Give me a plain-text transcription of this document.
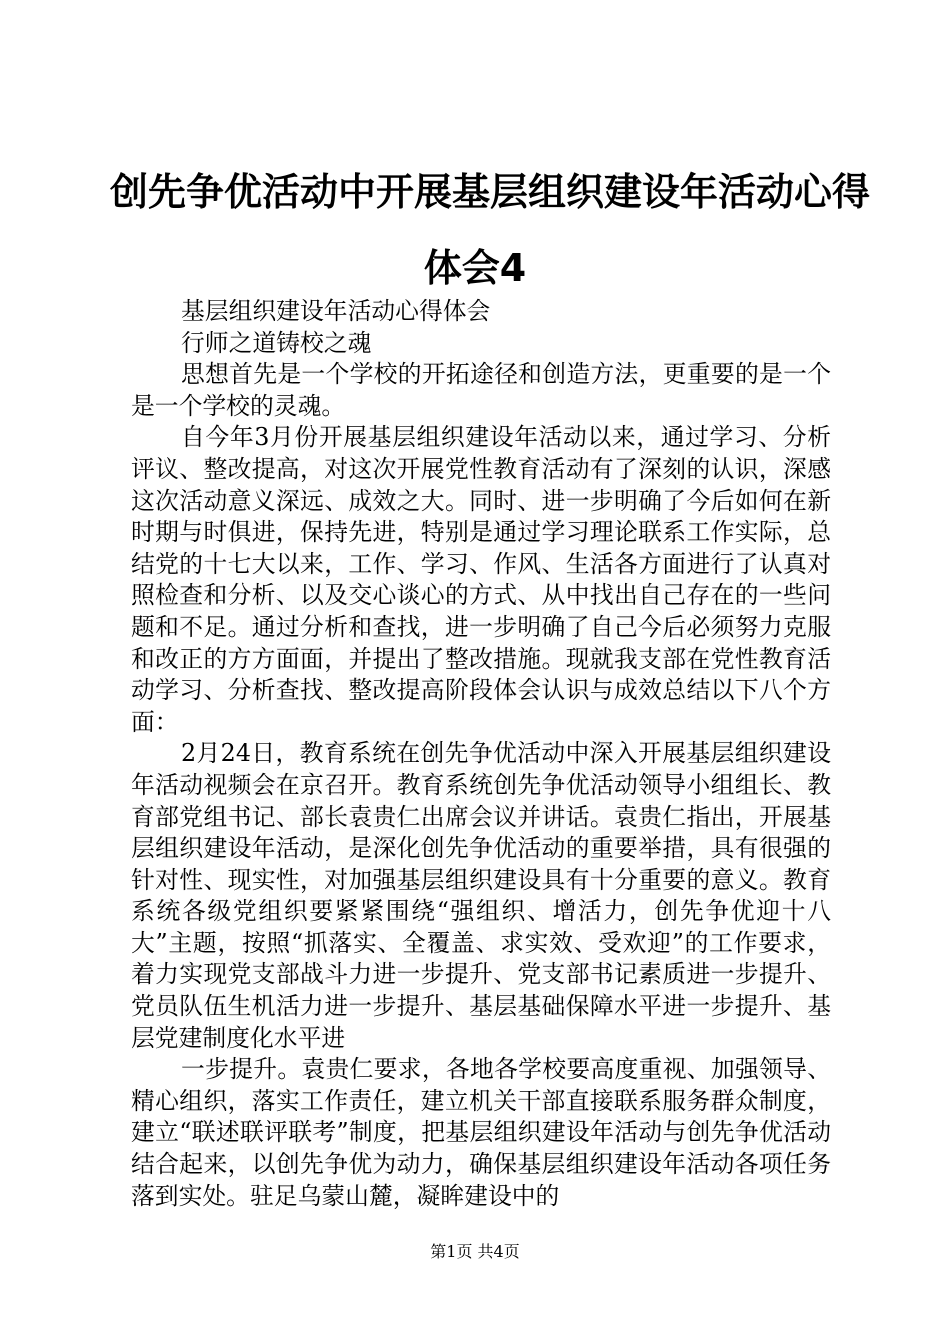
创先争优活动中开展基层组织建设年活动心得
体会4

基层组织建设年活动心得体会

行师之道铸校之魂

思想首先是一个学校的开拓途径和创造方法，更重要的是一个是一个学校的灵魂。

自今年3月份开展基层组织建设年活动以来，通过学习、分析评议、整改提高，对这次开展党性教育活动有了深刻的认识，深感这次活动意义深远、成效之大。同时、进一步明确了今后如何在新时期与时俱进，保持先进，特别是通过学习理论联系工作实际，总结党的十七大以来，工作、学习、作风、生活各方面进行了认真对照检查和分析、以及交心谈心的方式、从中找出自己存在的一些问题和不足。通过分析和查找，进一步明确了自己今后必须努力克服和改正的方方面面，并提出了整改措施。现就我支部在党性教育活动学习、分析查找、整改提高阶段体会认识与成效总结以下八个方面：

2月24日，教育系统在创先争优活动中深入开展基层组织建设年活动视频会在京召开。教育系统创先争优活动领导小组组长、教育部党组书记、部长袁贵仁出席会议并讲话。袁贵仁指出，开展基层组织建设年活动，是深化创先争优活动的重要举措，具有很强的针对性、现实性，对加强基层组织建设具有十分重要的意义。教育系统各级党组织要紧紧围绕“强组织、增活力，创先争优迎十八大”主题，按照“抓落实、全覆盖、求实效、受欢迎”的工作要求，着力实现党支部战斗力进一步提升、党支部书记素质进一步提升、党员队伍生机活力进一步提升、基层基础保障水平进一步提升、基层党建制度化水平进

一步提升。袁贵仁要求，各地各学校要高度重视、加强领导、精心组织，落实工作责任，建立机关干部直接联系服务群众制度，建立“联述联评联考”制度，把基层组织建设年活动与创先争优活动结合起来，以创先争优为动力，确保基层组织建设年活动各项任务落到实处。驻足乌蒙山麓，凝眸建设中的

第1页 共4页
